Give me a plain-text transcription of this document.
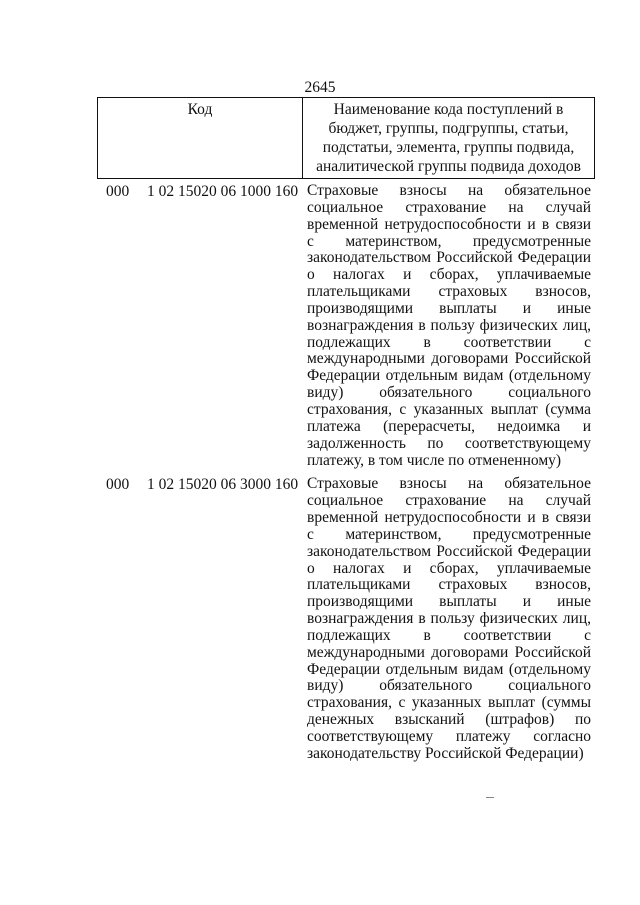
2645
Код	Наименование кода поступлений в бюджет, группы, подгруппы, статьи, подстатьи, элемента, группы подвида, аналитической группы подвида доходов
000 1 02 15020 06 1000 160 Страховые взносы на обязательное социальное страхование на случай временной нетрудоспособности и в связи с материнством, предусмотренные законодательством Российской Федерации о налогах и сборах, уплачиваемые плательщиками страховых взносов, производящими выплаты и иные вознаграждения в пользу физических лиц, подлежащих в соответствии с международными договорами Российской Федерации отдельным видам (отдельному виду) обязательного социального страхования, с указанных выплат (сумма платежа (перерасчеты, недоимка и задолженность по соответствующему платежу, в том числе по отмененному)
000 1 02 15020 06 3000 160 Страховые взносы на обязательное социальное страхование на случай временной нетрудоспособности и в связи с материнством, предусмотренные законодательством Российской Федерации о налогах и сборах, уплачиваемые плательщиками страховых взносов, производящими выплаты и иные вознаграждения в пользу физических лиц, подлежащих в соответствии с международными договорами Российской Федерации отдельным видам (отдельному виду) обязательного социального страхования, с указанных выплат (суммы денежных взысканий (штрафов) по соответствующему платежу согласно законодательству Российской Федерации)
